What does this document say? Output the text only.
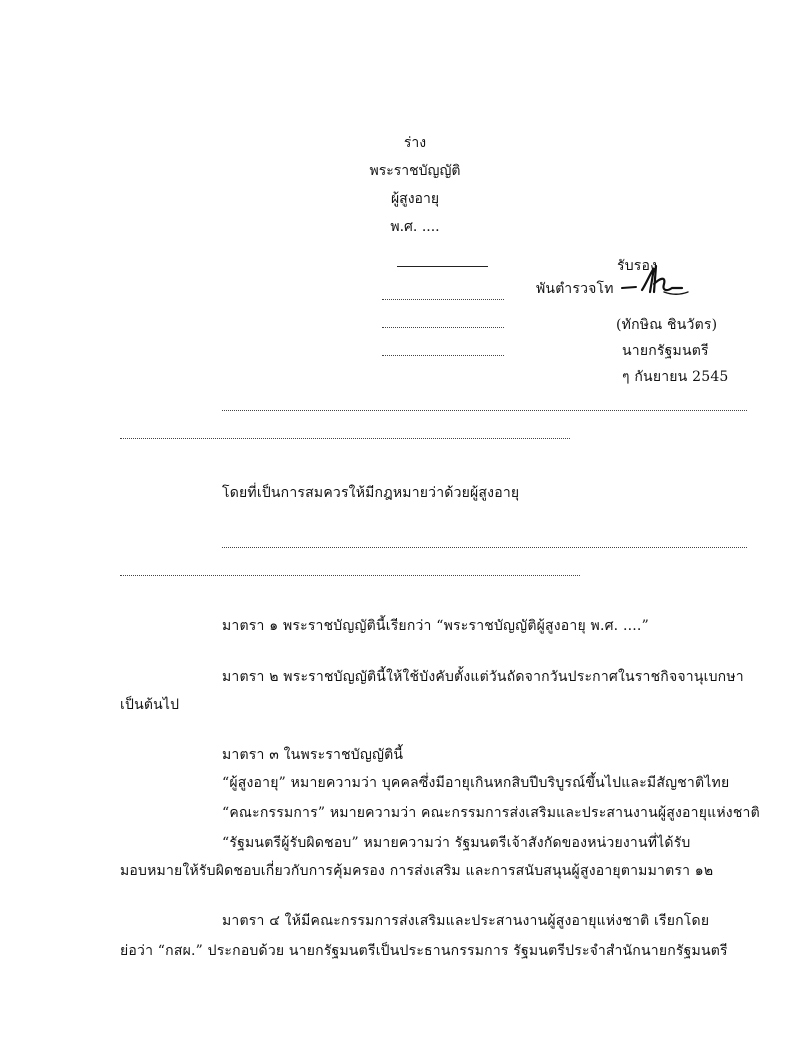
ร่าง
พระราชบัญญัติ
ผู้สูงอายุ
พ.ศ. ....
รับรอง
พันตำรวจโท
(ทักษิณ ชินวัตร)
นายกรัฐมนตรี
ๆ กันยายน 2545
โดยที่เป็นการสมควรให้มีกฎหมายว่าด้วยผู้สูงอายุ
มาตรา ๑ พระราชบัญญัตินี้เรียกว่า “พระราชบัญญัติผู้สูงอายุ พ.ศ. ....”
มาตรา ๒ พระราชบัญญัตินี้ให้ใช้บังคับตั้งแต่วันถัดจากวันประกาศในราชกิจจานุเบกษา
เป็นต้นไป
มาตรา ๓ ในพระราชบัญญัตินี้
“ผู้สูงอายุ” หมายความว่า บุคคลซึ่งมีอายุเกินหกสิบปีบริบูรณ์ขึ้นไปและมีสัญชาติไทย
“คณะกรรมการ” หมายความว่า คณะกรรมการส่งเสริมและประสานงานผู้สูงอายุแห่งชาติ
“รัฐมนตรีผู้รับผิดชอบ” หมายความว่า รัฐมนตรีเจ้าสังกัดของหน่วยงานที่ได้รับ
มอบหมายให้รับผิดชอบเกี่ยวกับการคุ้มครอง การส่งเสริม และการสนับสนุนผู้สูงอายุตามมาตรา ๑๒
มาตรา ๔ ให้มีคณะกรรมการส่งเสริมและประสานงานผู้สูงอายุแห่งชาติ เรียกโดย
ย่อว่า “กสผ.” ประกอบด้วย นายกรัฐมนตรีเป็นประธานกรรมการ รัฐมนตรีประจำสำนักนายกรัฐมนตรี
